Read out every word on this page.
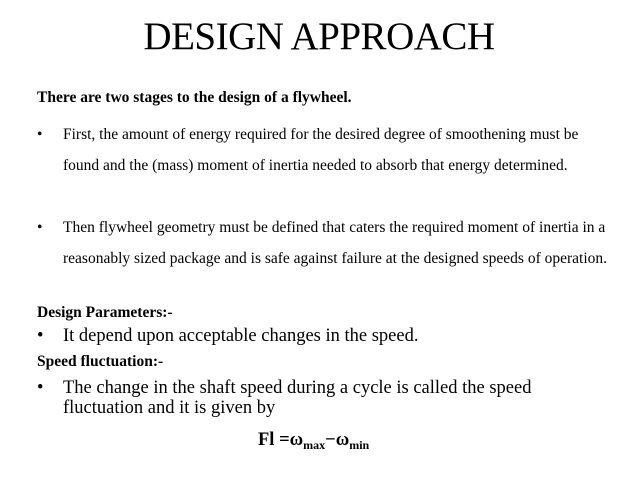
DESIGN APPROACH
There are two stages to the design of a flywheel.
• First, the amount of energy required for the desired degree of smoothening must be found and the (mass) moment of inertia needed to absorb that energy determined.
• Then flywheel geometry must be defined that caters the required moment of inertia in a reasonably sized package and is safe against failure at the designed speeds of operation.
Design Parameters:-
• It depend upon acceptable changes in the speed.
Speed fluctuation:-
• The change in the shaft speed during a cycle is called the speed fluctuation and it is given by
$Fl =\omega_{max}-\omega_{min}$
